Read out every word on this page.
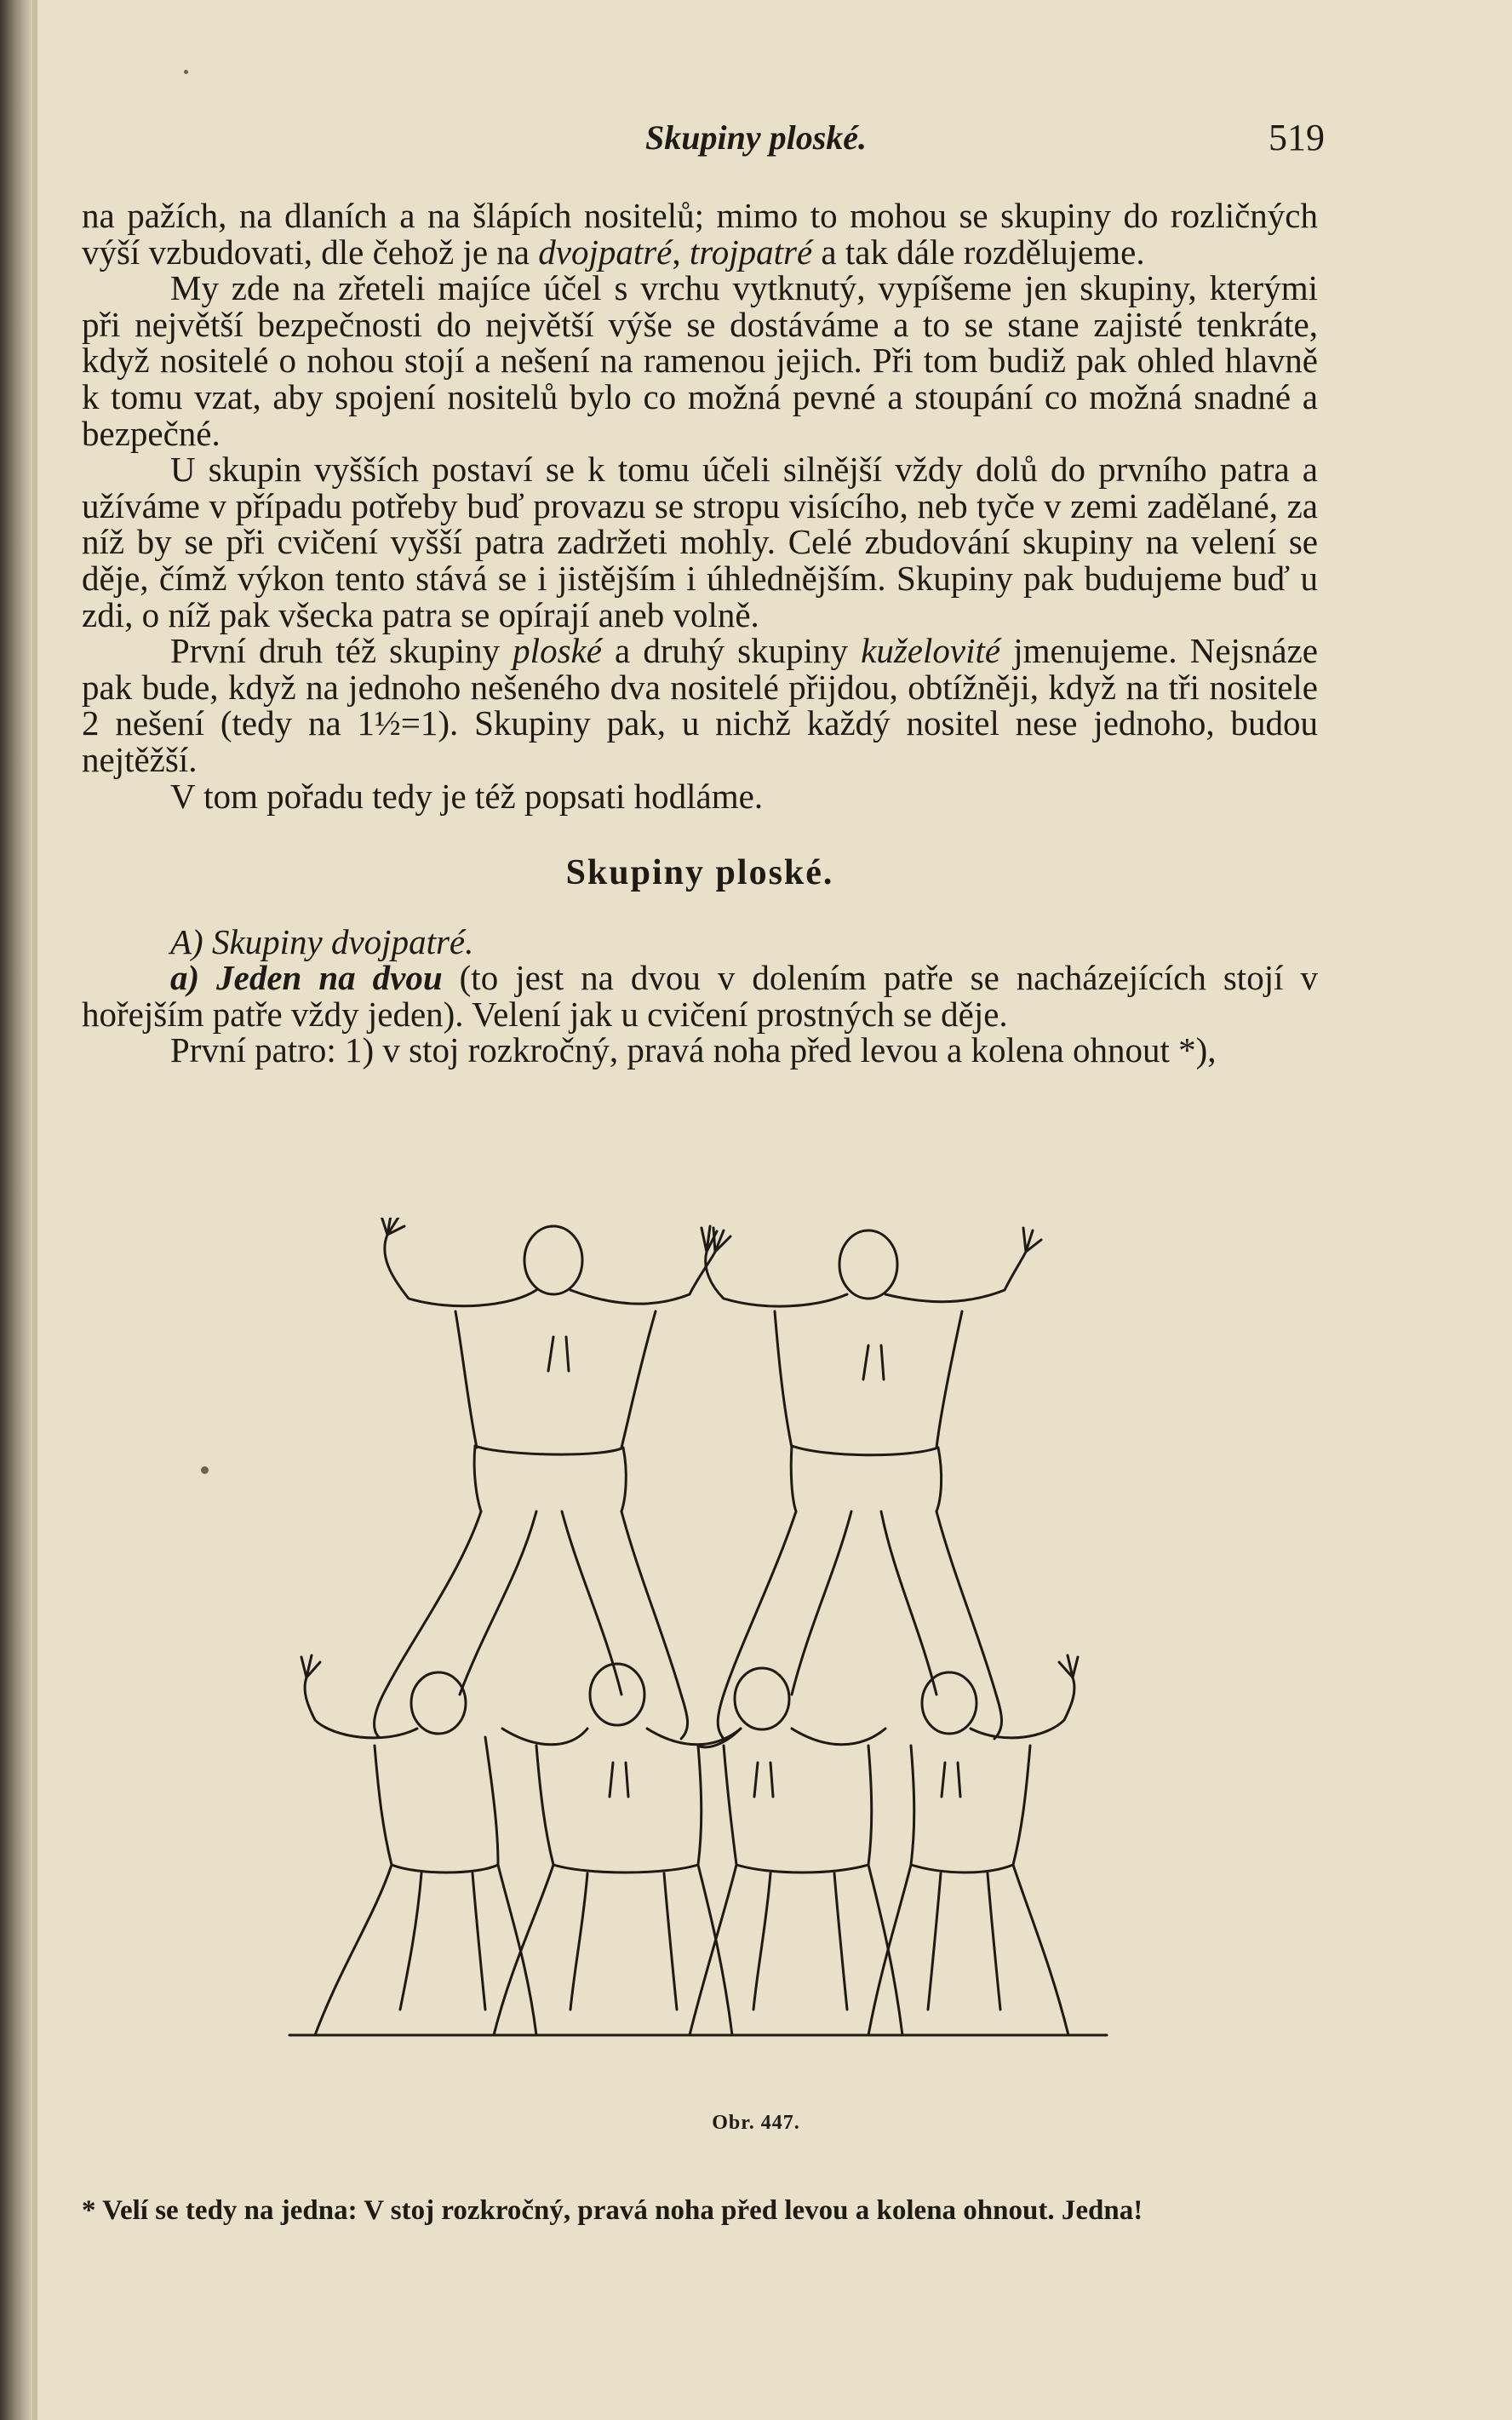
Skupiny ploské.	519

na pažích, na dlaních a na šlápích nositelů; mimo to mohou se skupiny do rozličných výší vzbudovati, dle čehož je na dvojpatré, trojpatré a tak dále rozdělujeme.

My zde na zřeteli majíce účel s vrchu vytknutý, vypíšeme jen skupiny, kterými při největší bezpečnosti do největší výše se dostáváme a to se stane zajisté tenkráte, když nositelé o nohou stojí a nešení na ramenou jejich. Při tom budiž pak ohled hlavně k tomu vzat, aby spojení nositelů bylo co možná pevné a stoupání co možná snadné a bezpečné.

U skupin vyšších postaví se k tomu účeli silnější vždy dolů do prvního patra a užíváme v případu potřeby buď provazu se stropu visícího, neb tyče v zemi zadělané, za níž by se při cvičení vyšší patra zadržeti mohly. Celé zbudování skupiny na velení se děje, čímž výkon tento stává se i jistějším i úhlednějším. Skupiny pak budujeme buď u zdi, o níž pak všecka patra se opírají aneb volně.

První druh též skupiny ploské a druhý skupiny kuželovité jmenujeme. Nejsnáze pak bude, když na jednoho nešeného dva nositelé přijdou, obtížněji, když na tři nositele 2 nešení (tedy na 1½=1). Skupiny pak, u nichž každý nositel nese jednoho, budou nejtěžší.

V tom pořadu tedy je též popsati hodláme.

Skupiny ploské.

A) Skupiny dvojpatré.

a) Jeden na dvou (to jest na dvou v dolením patře se nacházejících stojí v hořejším patře vždy jeden). Velení jak u cvičení prostných se děje.

První patro: 1) v stoj rozkročný, pravá noha před levou a kolena ohnout *),

Obr. 447.
* Velí se tedy na jedna: V stoj rozkročný, pravá noha před levou a kolena ohnout. Jedna!
